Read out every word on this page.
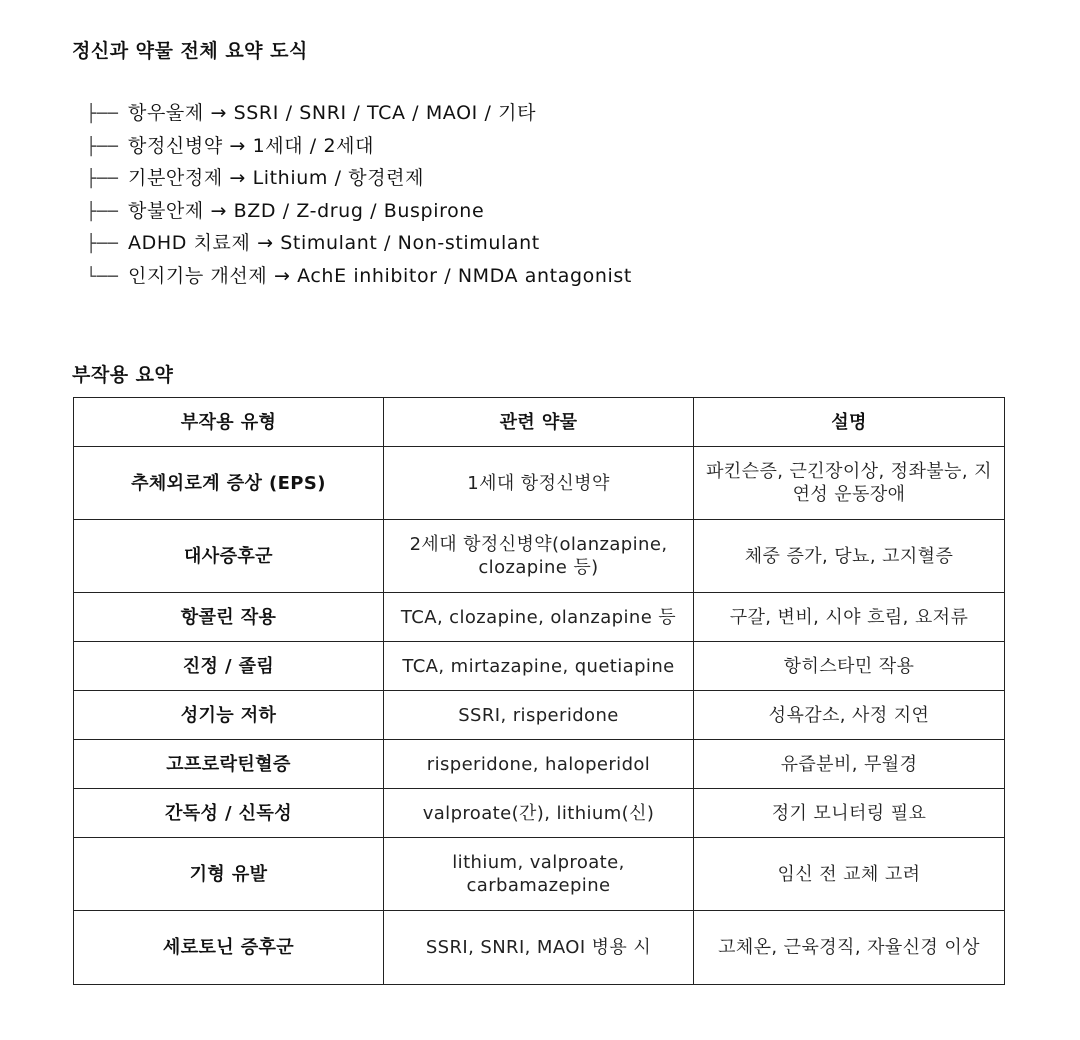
정신과 약물 전체 요약 도식
├── 항우울제 → SSRI / SNRI / TCA / MAOI / 기타
├── 항정신병약 → 1세대 / 2세대
├── 기분안정제 → Lithium / 항경련제
├── 항불안제 → BZD / Z-drug / Buspirone
├── ADHD 치료제 → Stimulant / Non-stimulant
└── 인지기능 개선제 → AchE inhibitor / NMDA antagonist
부작용 요약
부작용 유형	관련 약물	설명
추체외로계 증상 (EPS)	1세대 항정신병약	파킨슨증, 근긴장이상, 정좌불능, 지연성 운동장애
대사증후군	2세대 항정신병약(olanzapine, clozapine 등)	체중 증가, 당뇨, 고지혈증
항콜린 작용	TCA, clozapine, olanzapine 등	구갈, 변비, 시야 흐림, 요저류
진정 / 졸림	TCA, mirtazapine, quetiapine	항히스타민 작용
성기능 저하	SSRI, risperidone	성욕감소, 사정 지연
고프로락틴혈증	risperidone, haloperidol	유즙분비, 무월경
간독성 / 신독성	valproate(간), lithium(신)	정기 모니터링 필요
기형 유발	lithium, valproate, carbamazepine	임신 전 교체 고려
세로토닌 증후군	SSRI, SNRI, MAOI 병용 시	고체온, 근육경직, 자율신경 이상
